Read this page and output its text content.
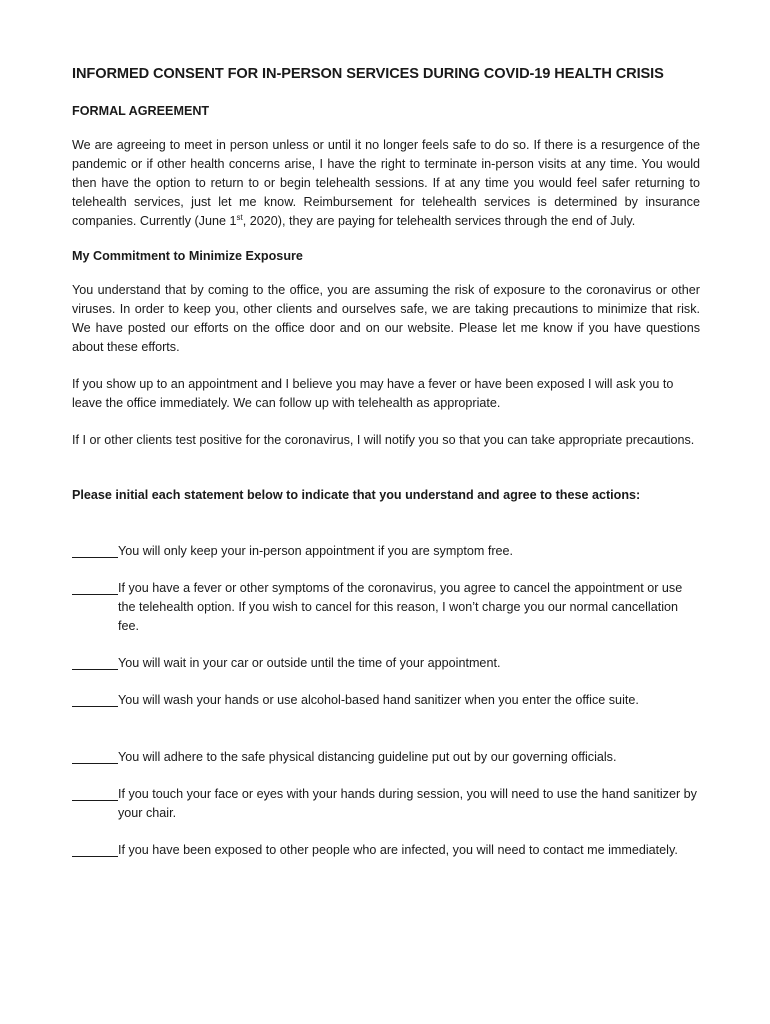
INFORMED CONSENT FOR IN-PERSON SERVICES DURING COVID-19 HEALTH CRISIS
FORMAL AGREEMENT
We are agreeing to meet in person unless or until it no longer feels safe to do so. If there is a resurgence of the pandemic or if other health concerns arise, I have the right to terminate in-person visits at any time. You would then have the option to return to or begin telehealth sessions. If at any time you would feel safer returning to telehealth services, just let me know. Reimbursement for telehealth services is determined by insurance companies. Currently (June 1st, 2020), they are paying for telehealth services through the end of July.
My Commitment to Minimize Exposure
You understand that by coming to the office, you are assuming the risk of exposure to the coronavirus or other viruses. In order to keep you, other clients and ourselves safe, we are taking precautions to minimize that risk. We have posted our efforts on the office door and on our website. Please let me know if you have questions about these efforts.
If you show up to an appointment and I believe you may have a fever or have been exposed I will ask you to leave the office immediately. We can follow up with telehealth as appropriate.
If I or other clients test positive for the coronavirus, I will notify you so that you can take appropriate precautions.
Please initial each statement below to indicate that you understand and agree to these actions:
You will only keep your in-person appointment if you are symptom free.
If you have a fever or other symptoms of the coronavirus, you agree to cancel the appointment or use the telehealth option. If you wish to cancel for this reason, I won’t charge you our normal cancellation fee.
You will wait in your car or outside until the time of your appointment.
You will wash your hands or use alcohol-based hand sanitizer when you enter the office suite.
You will adhere to the safe physical distancing guideline put out by our governing officials.
If you touch your face or eyes with your hands during session, you will need to use the hand sanitizer by your chair.
If you have been exposed to other people who are infected, you will need to contact me immediately.
